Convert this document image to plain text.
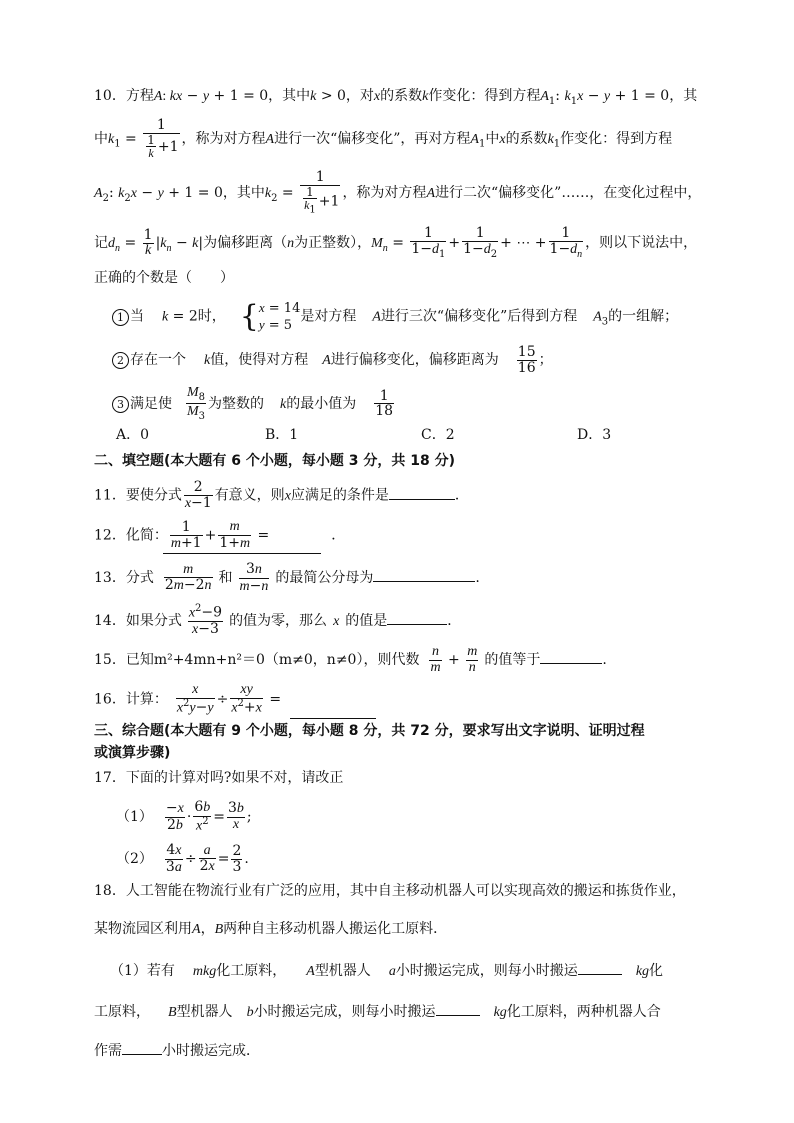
10．方程A: kx − y + 1 = 0，其中k > 0，对x的系数k作变化：得到方程$A_1$: $k_1x - y + 1 = 0$，其
中$k_1 = \frac{1}{\frac{1}{k} +1}$ ，称为对方程A进行一次“偏移变化”，再对方程$A_1$中x的系数$k_1$作变化：得到方程
$A_2$: $k_2x - y + 1 = 0$，其中$k_2 = \frac{1}{\frac{1}{k_1} +1}$ ，称为对方程A进行二次“偏移变化”……，在变化过程中，
记$d_n = \frac{1}{k} |k_n - k|$为偏移距离（n为正整数），$M_n = \frac{1}{1-d_1} + \frac{1}{1-d_2}$ + ⋯ + $\frac{1}{1-d_n}$ ，则以下说法中，
正确的个数是（　　）
1 当 k = 2时， { x = 14
y = 5
是对方程 A进行三次“偏移变化”后得到方程 $A_3$的一组解；
2 存在一个 k值，使得对方程 A进行偏移变化，偏移距离为 $\frac{15}{16}$ ；
3 满足使 $\frac{M_8}{M_3}$ 为整数的 k的最小值为 $\frac{1}{18}$
A．0	B．1	C．2	D．3
二、填空题(本大题有 6 个小题，每小题 3 分，共 18 分)
11．要使分式 $\frac{2}{x-1}$ 有意义，则x应满足的条件是	．
12．化简： $\frac{1}{m+1} + \frac{m}{1+m}$ =	．
13．分式 $\frac{m}{2m-2n}$ 和 $\frac{3n}{m-n}$ 的最简公分母为	.
14．如果分式 $\frac{x^2-9}{x-3}$ 的值为零，那么 x 的值是	．
15．已知m²+4mn+n²＝0（m≠0，n≠0），则代数 $\frac{n}{m} + \frac{m}{n}$ 的值等于	.
16．计算： $\frac{x}{x^2y-y} \div \frac{xy}{x^2+x}$ =
三、综合题(本大题有 9 个小题，每小题 8 分，共 72 分，要求写出文字说明、证明过程
或演算步骤)
17．下面的计算对吗?如果不对，请改正
$(1) \frac{-x}{2b} \cdot \frac{6b}{x^2} = \frac{3b}{x}$ ;
$(2) \frac{4x}{3a} \div \frac{a}{2x} = \frac{2}{3}$ .
18．人工智能在物流行业有广泛的应用，其中自主移动机器人可以实现高效的搬运和拣货作业，
某物流园区利用A，B两种自主移动机器人搬运化工原料．
（1）若有 mkg化工原料， A型机器人 a小时搬运完成，则每小时搬运	kg化
工原料， B型机器人 b小时搬运完成，则每小时搬运	kg化工原料，两种机器人合
作需	小时搬运完成．
